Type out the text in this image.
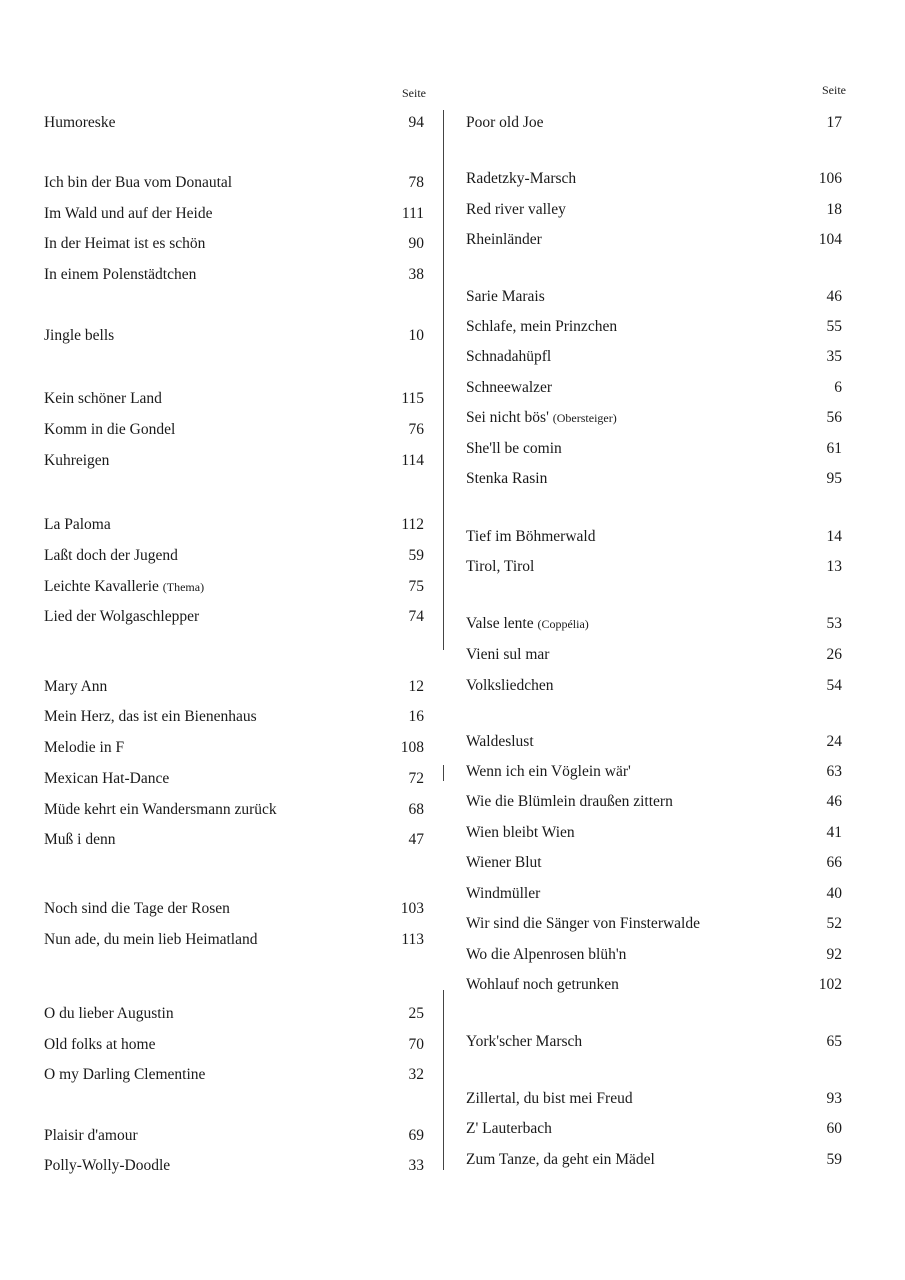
Seite
Humoreske	94
Ich bin der Bua vom Donautal	78
Im Wald und auf der Heide	111
In der Heimat ist es schön	90
In einem Polenstädtchen	38
Jingle bells	10
Kein schöner Land	115
Komm in die Gondel	76
Kuhreigen	114
La Paloma	112
Laßt doch der Jugend	59
Leichte Kavallerie (Thema)	75
Lied der Wolgaschlepper	74
Mary Ann	12
Mein Herz, das ist ein Bienenhaus	16
Melodie in F	108
Mexican Hat-Dance	72
Müde kehrt ein Wandersmann zurück	68
Muß i denn	47
Noch sind die Tage der Rosen	103
Nun ade, du mein lieb Heimatland	113
O du lieber Augustin	25
Old folks at home	70
O my Darling Clementine	32
Plaisir d'amour	69
Polly-Wolly-Doodle	33
Seite
Poor old Joe	17
Radetzky-Marsch	106
Red river valley	18
Rheinländer	104
Sarie Marais	46
Schlafe, mein Prinzchen	55
Schnadahüpfl	35
Schneewalzer	6
Sei nicht bös' (Obersteiger)	56
She'll be comin	61
Stenka Rasin	95
Tief im Böhmerwald	14
Tirol, Tirol	13
Valse lente (Coppélia)	53
Vieni sul mar	26
Volksliedchen	54
Waldeslust	24
Wenn ich ein Vöglein wär'	63
Wie die Blümlein draußen zittern	46
Wien bleibt Wien	41
Wiener Blut	66
Windmüller	40
Wir sind die Sänger von Finsterwalde	52
Wo die Alpenrosen blüh'n	92
Wohlauf noch getrunken	102
York'scher Marsch	65
Zillertal, du bist mei Freud	93
Z' Lauterbach	60
Zum Tanze, da geht ein Mädel	59
